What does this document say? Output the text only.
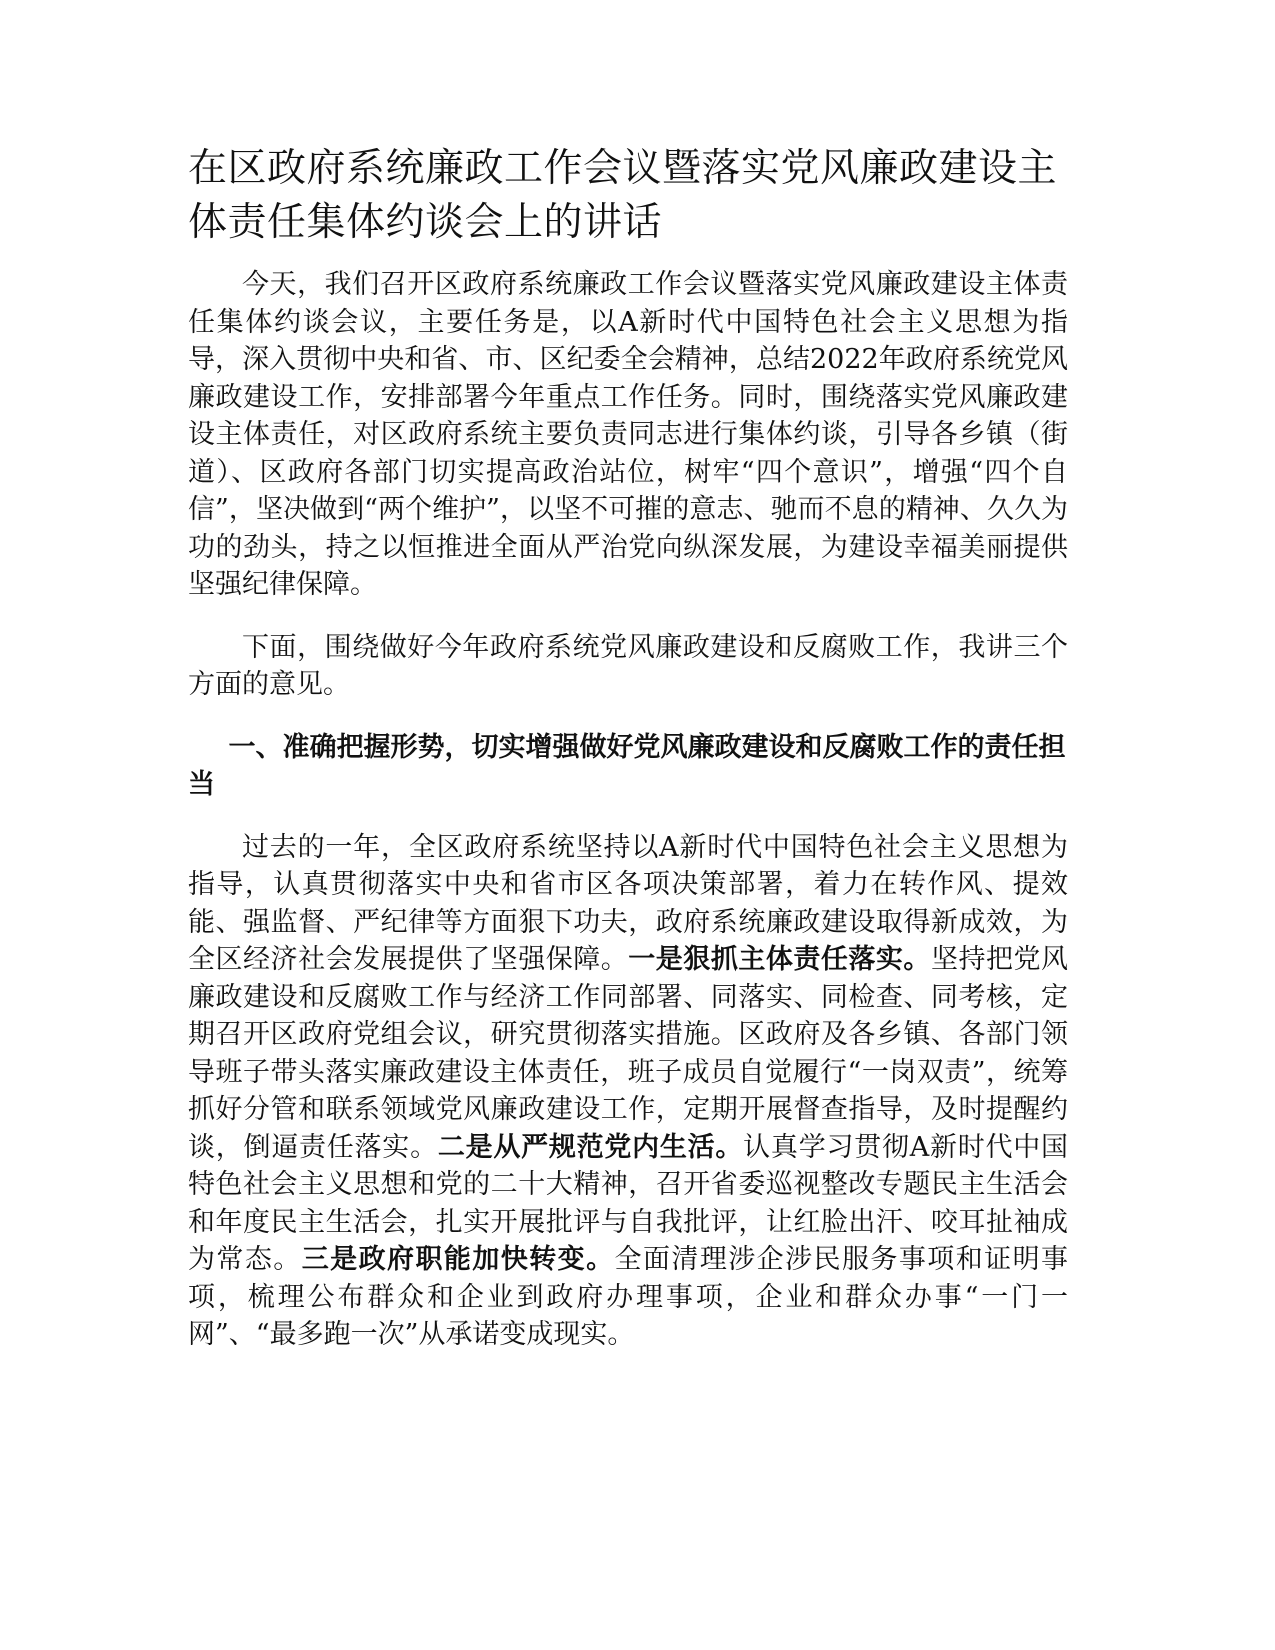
在区政府系统廉政工作会议暨落实党风廉政建设主体责任集体约谈会上的讲话

今天，我们召开区政府系统廉政工作会议暨落实党风廉政建设主体责任集体约谈会议，主要任务是，以A新时代中国特色社会主义思想为指导，深入贯彻中央和省、市、区纪委全会精神，总结2022年政府系统党风廉政建设工作，安排部署今年重点工作任务。同时，围绕落实党风廉政建设主体责任，对区政府系统主要负责同志进行集体约谈，引导各乡镇（街道）、区政府各部门切实提高政治站位，树牢“四个意识”，增强“四个自信”，坚决做到“两个维护”，以坚不可摧的意志、驰而不息的精神、久久为功的劲头，持之以恒推进全面从严治党向纵深发展，为建设幸福美丽提供坚强纪律保障。

下面，围绕做好今年政府系统党风廉政建设和反腐败工作，我讲三个方面的意见。

一、准确把握形势，切实增强做好党风廉政建设和反腐败工作的责任担当

过去的一年，全区政府系统坚持以A新时代中国特色社会主义思想为指导，认真贯彻落实中央和省市区各项决策部署，着力在转作风、提效能、强监督、严纪律等方面狠下功夫，政府系统廉政建设取得新成效，为全区经济社会发展提供了坚强保障。一是狠抓主体责任落实。坚持把党风廉政建设和反腐败工作与经济工作同部署、同落实、同检查、同考核，定期召开区政府党组会议，研究贯彻落实措施。区政府及各乡镇、各部门领导班子带头落实廉政建设主体责任，班子成员自觉履行“一岗双责”，统筹抓好分管和联系领域党风廉政建设工作，定期开展督查指导，及时提醒约谈，倒逼责任落实。二是从严规范党内生活。认真学习贯彻A新时代中国特色社会主义思想和党的二十大精神，召开省委巡视整改专题民主生活会和年度民主生活会，扎实开展批评与自我批评，让红脸出汗、咬耳扯袖成为常态。三是政府职能加快转变。全面清理涉企涉民服务事项和证明事项，梳理公布群众和企业到政府办理事项，企业和群众办事“一门一网”、“最多跑一次”从承诺变成现实。
